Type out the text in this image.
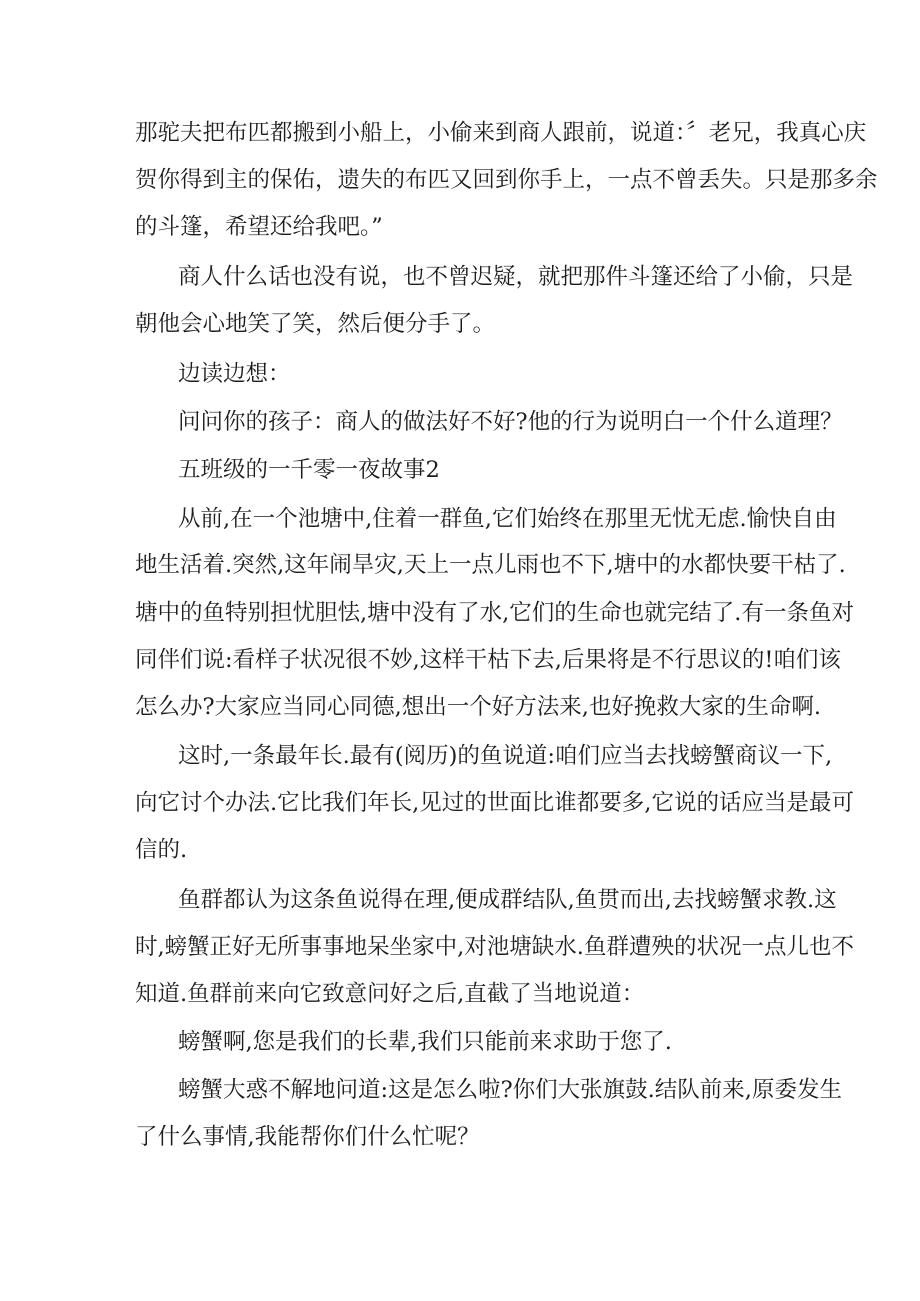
那驼夫把布匹都搬到小船上，小偷来到商人跟前，说道：〞老兄，我真心庆
贺你得到主的保佑，遗失的布匹又回到你手上，一点不曾丢失。只是那多余
的斗篷，希望还给我吧。”
商人什么话也没有说，也不曾迟疑，就把那件斗篷还给了小偷，只是
朝他会心地笑了笑，然后便分手了。
边读边想：
问问你的孩子：商人的做法好不好?他的行为说明白一个什么道理？
五班级的一千零一夜故事2
从前,在一个池塘中,住着一群鱼,它们始终在那里无忧无虑.愉快自由
地生活着.突然,这年闹旱灾,天上一点儿雨也不下,塘中的水都快要干枯了.
塘中的鱼特别担忧胆怯,塘中没有了水,它们的生命也就完结了.有一条鱼对
同伴们说:看样子状况很不妙,这样干枯下去,后果将是不行思议的!咱们该
怎么办?大家应当同心同德,想出一个好方法来,也好挽救大家的生命啊.
这时,一条最年长.最有(阅历)的鱼说道:咱们应当去找螃蟹商议一下,
向它讨个办法.它比我们年长,见过的世面比谁都要多,它说的话应当是最可
信的.
鱼群都认为这条鱼说得在理,便成群结队,鱼贯而出,去找螃蟹求教.这
时,螃蟹正好无所事事地呆坐家中,对池塘缺水.鱼群遭殃的状况一点儿也不
知道.鱼群前来向它致意问好之后,直截了当地说道：
螃蟹啊,您是我们的长辈,我们只能前来求助于您了.
螃蟹大惑不解地问道:这是怎么啦?你们大张旗鼓.结队前来,原委发生
了什么事情,我能帮你们什么忙呢？
